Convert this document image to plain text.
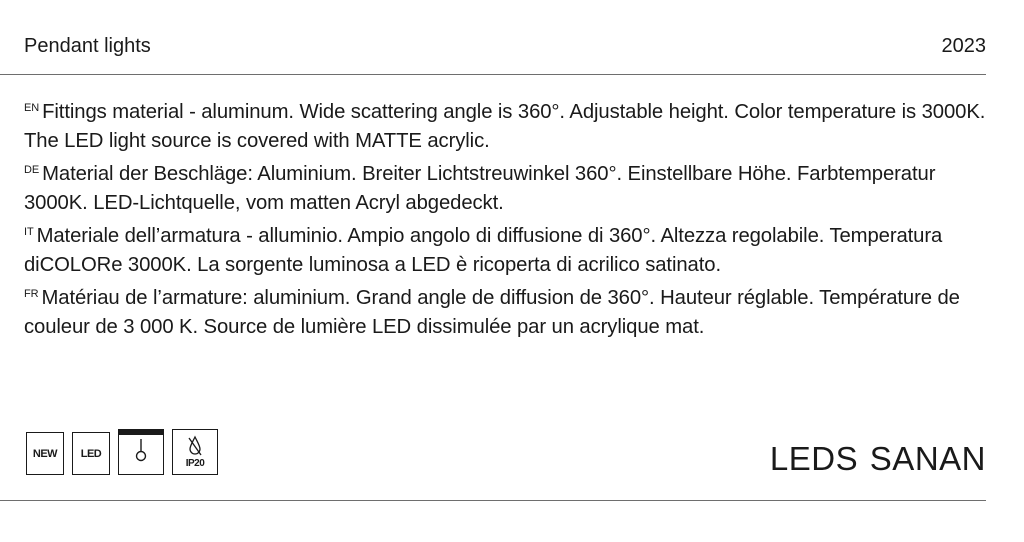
Pendant lights	2023

$^{EN}$ Fittings material - aluminum. Wide scattering angle is 360°. Adjustable height. Color temperature is 3000K. The LED light source is covered with MATTE acrylic.

$^{DE}$ Material der Beschläge: Aluminium. Breiter Lichtstreuwinkel 360°. Einstellbare Höhe. Farbtemperatur 3000K. LED-Lichtquelle, vom matten Acryl abgedeckt.

$^{IT}$ Materiale dell’armatura - alluminio. Ampio angolo di diffusione di 360°. Altezza regolabile. Temperatura diCOLORe 3000K. La sorgente luminosa a LED è ricoperta di acrilico satinato.

$^{FR}$ Matériau de l’armature: aluminium. Grand angle de diffusion de 360°. Hauteur réglable. Température de couleur de 3 000 K. Source de lumière LED dissimulée par un acrylique mat.

NEW LED
IP20	LEDS SANAN
